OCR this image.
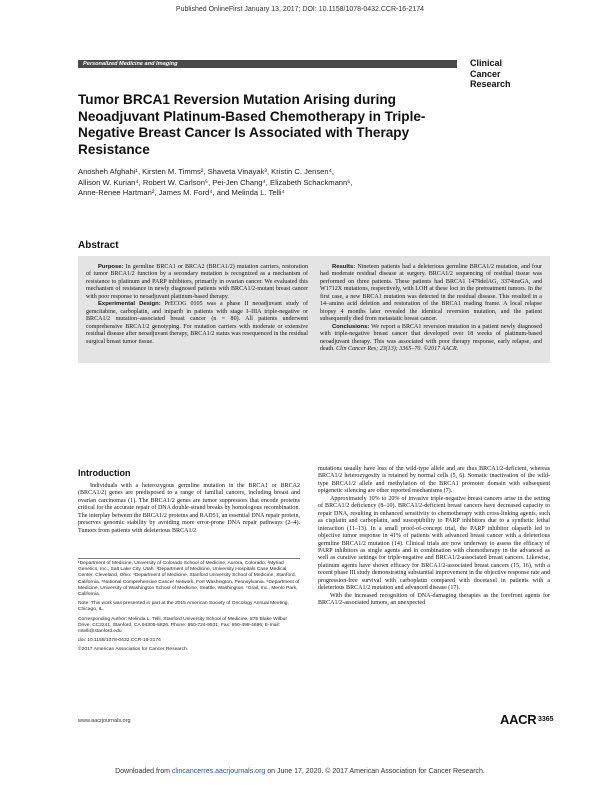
Published OnlineFirst January 13, 2017; DOI: 10.1158/1078-0432.CCR-16-2174
Personalized Medicine and Imaging	Clinical
Cancer
Research
Tumor BRCA1 Reversion Mutation Arising during Neoadjuvant Platinum-Based Chemotherapy in Triple-Negative Breast Cancer Is Associated with Therapy Resistance
Anosheh Afghahi¹, Kirsten M. Timms², Shaveta Vinayak³, Kristin C. Jensen⁴,
Allison W. Kurian⁴, Robert W. Carlson⁵, Pei-Jen Chang⁴, Elizabeth Schackmann⁶,
Anne-Renee Hartman², James M. Ford⁴, and Melinda L. Telli⁴
Abstract

Purpose: In germline BRCA1 or BRCA2 (BRCA1/2) mutation carriers, restoration of tumor BRCA1/2 function by a secondary mutation is recognized as a mechanism of resistance to platinum and PARP inhibitors, primarily in ovarian cancer. We evaluated this mechanism of resistance in newly diagnosed patients with BRCA1/2-mutant breast cancer with poor response to neoadjuvant platinum-based therapy.

Experimental Design: PrECOG 0105 was a phase II neoadjuvant study of gemcitabine, carboplatin, and iniparib in patients with stage I–IIIA triple-negative or BRCA1/2 mutation–associated breast cancer (n = 80). All patients underwent comprehensive BRCA1/2 genotyping. For mutation carriers with moderate or extensive residual disease after neoadjuvant therapy, BRCA1/2 status was resequenced in the residual surgical breast tumor tissue.

Results: Nineteen patients had a deleterious germline BRCA1/2 mutation, and four had moderate residual disease at surgery. BRCA1/2 sequencing of residual tissue was performed on three patients. These patients had BRCA1 1479delAG, 3374insGA, and W1712X mutations, respectively, with LOH at these loci in the pretreatment tumors. In the first case, a new BRCA1 mutation was detected in the residual disease. This resulted in a 14–amino acid deletion and restoration of the BRCA1 reading frame. A local relapse biopsy 4 months later revealed the identical reversion mutation, and the patient subsequently died from metastatic breast cancer.

Conclusions: We report a BRCA1 reversion mutation in a patient newly diagnosed with triple-negative breast cancer that developed over 18 weeks of platinum-based neoadjuvant therapy. This was associated with poor therapy response, early relapse, and death. Clin Cancer Res; 23(13); 3365–70. ©2017 AACR.

Introduction

Individuals with a heterozygous germline mutation in the BRCA1 or BRCA2 (BRCA1/2) genes are predisposed to a range of familial cancers, including breast and ovarian carcinomas (1). The BRCA1/2 genes are tumor suppressors that encode proteins critical for the accurate repair of DNA double-strand breaks by homologous recombination. The interplay between the BRCA1/2 proteins and RAD51, an essential DNA repair protein, preserves genomic stability by avoiding more error-prone DNA repair pathways (2–4). Tumors from patients with deleterious BRCA1/2

mutations usually have loss of the wild-type allele and are thus BRCA1/2-deficient, whereas BRCA1/2 heterozygosity is retained by normal cells (5, 6). Somatic inactivation of the wild-type BRCA1/2 allele and methylation of the BRCA1 promoter domain with subsequent epigenetic silencing are other reported mechanisms (7).

Approximately 10% to 20% of invasive triple-negative breast cancers arise in the setting of BRCA1/2 deficiency (8–10). BRCA1/2-deficient breast cancers have decreased capacity to repair DNA, resulting in enhanced sensitivity to chemotherapy with cross-linking agents, such as cisplatin and carboplatin, and susceptibility to PARP inhibitors due to a synthetic lethal interaction (11–13). In a small proof-of-concept trial, the PARP inhibitor olaparib led to objective tumor response in 41% of patients with advanced breast cancer with a deleterious germline BRCA1/2 mutation (14). Clinical trials are now underway to assess the efficacy of PARP inhibitors as single agents and in combination with chemotherapy in the advanced as well as curative settings for triple-negative and BRCA1/2-associated breast cancers. Likewise, platinum agents have shown efficacy for BRCA1/2-associated breast cancers (15, 16), with a recent phase III study demonstrating substantial improvement in the objective response rate and progression-free survival with carboplatin compared with docetaxel in patients with a deleterious BRCA1/2 mutation and advanced disease (17).

With the increased recognition of DNA-damaging therapies as the forefront agents for BRCA1/2-associated tumors, an unexpected

¹Department of Medicine, University of Colorado School of Medicine, Aurora, Colorado. ²Myriad Genetics, Inc., Salt Lake City, Utah. ³Department of Medicine, University Hospitals Case Medical Center, Cleveland, Ohio. ⁴Department of Medicine, Stanford University School of Medicine, Stanford, California. ⁵National Comprehensive Cancer Network, Fort Washington, Pennsylvania. ⁶Department of Medicine, University of Washington School of Medicine, Seattle, Washington. ⁷Grail, Inc., Menlo Park, California.

Note: This work was presented in part at the 2015 American Society of Oncology Annual Meeting, Chicago, IL.

Corresponding Author: Melinda L. Telli, Stanford University School of Medicine, 875 Blake Wilbur Drive, CC2241, Stanford, CA 94305-5826. Phone: 650-724-9531; Fax: 650-498-4696; E-mail: mtelli@stanford.edu

doi: 10.1158/1078-0432.CCR-16-2174

©2017 American Association for Cancer Research.

www.aacrjournals.org	AACR 3365
Downloaded from clincancerres.aacrjournals.org on June 17, 2020. © 2017 American Association for Cancer Research.
